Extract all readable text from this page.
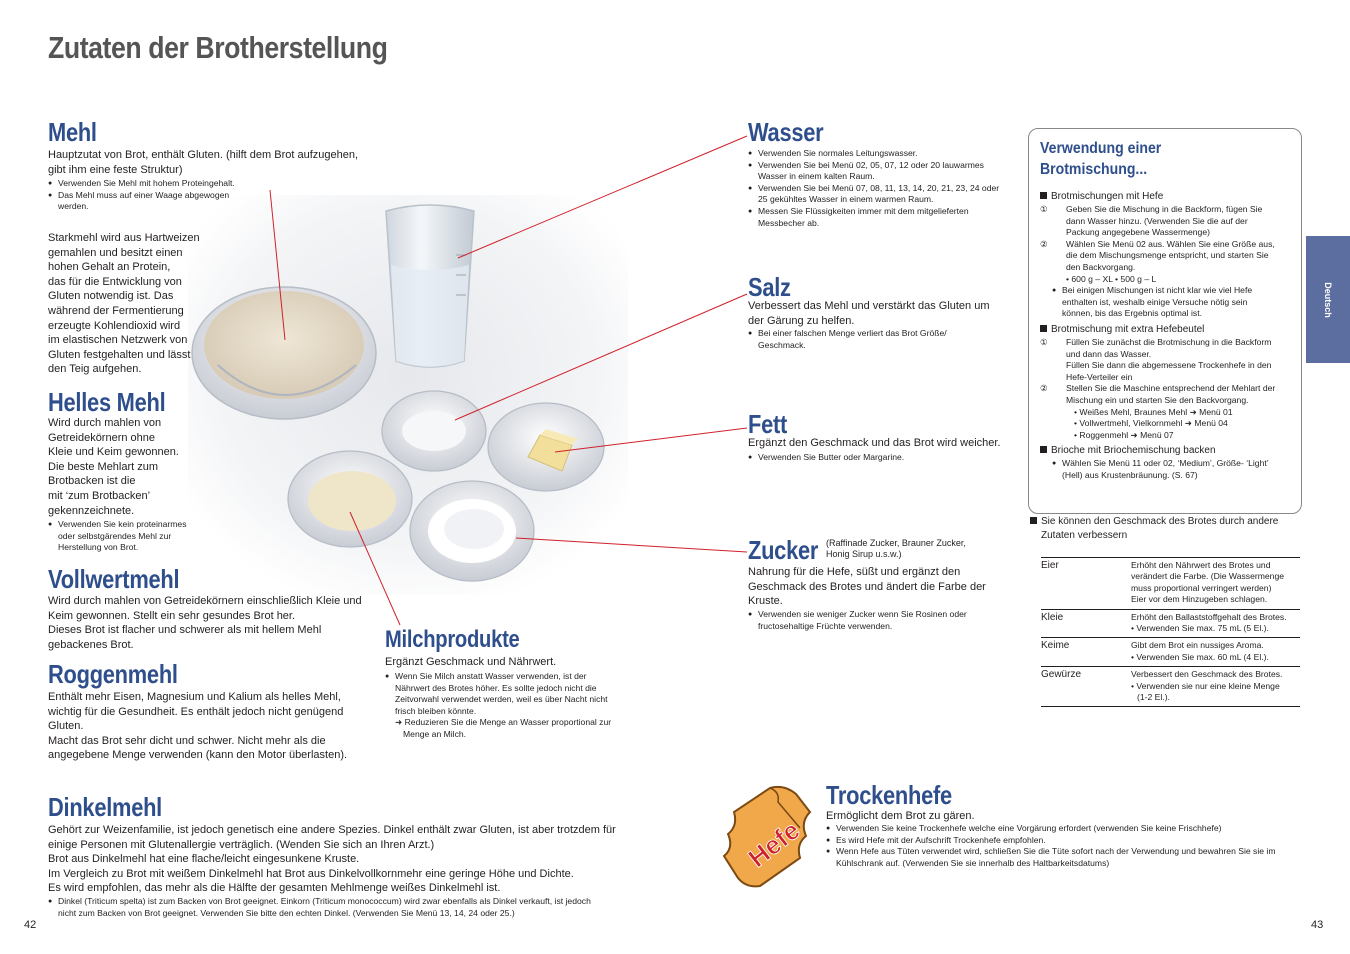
Zutaten der Brotherstellung
Mehl
Hauptzutat von Brot, enthält Gluten. (hilft dem Brot aufzugehen,
gibt ihm eine feste Struktur)
● Verwenden Sie Mehl mit hohem Proteingehalt.
● Das Mehl muss auf einer Waage abgewogen
werden.
Starkmehl wird aus Hartweizen
gemahlen und besitzt einen
hohen Gehalt an Protein,
das für die Entwicklung von
Gluten notwendig ist. Das
während der Fermentierung
erzeugte Kohlendioxid wird
im elastischen Netzwerk von
Gluten festgehalten und lässt
den Teig aufgehen.
Helles Mehl
Wird durch mahlen von
Getreidekörnern ohne
Kleie und Keim gewonnen.
Die beste Mehlart zum
Brotbacken ist die
mit ‘zum Brotbacken’
gekennzeichnete.
● Verwenden Sie kein proteinarmes
oder selbstgärendes Mehl zur
Herstellung von Brot.
Vollwertmehl
Wird durch mahlen von Getreidekörnern einschließlich Kleie und
Keim gewonnen. Stellt ein sehr gesundes Brot her.
Dieses Brot ist flacher und schwerer als mit hellem Mehl
gebackenes Brot.
Roggenmehl
Enthält mehr Eisen, Magnesium und Kalium als helles Mehl,
wichtig für die Gesundheit. Es enthält jedoch nicht genügend
Gluten.
Macht das Brot sehr dicht und schwer. Nicht mehr als die
angegebene Menge verwenden (kann den Motor überlasten).
Dinkelmehl
Gehört zur Weizenfamilie, ist jedoch genetisch eine andere Spezies. Dinkel enthält zwar Gluten, ist aber trotzdem für
einige Personen mit Glutenallergie verträglich. (Wenden Sie sich an Ihren Arzt.)
Brot aus Dinkelmehl hat eine flache/leicht eingesunkene Kruste.
Im Vergleich zu Brot mit weißem Dinkelmehl hat Brot aus Dinkelvollkornmehr eine geringe Höhe und Dichte.
Es wird empfohlen, das mehr als die Hälfte der gesamten Mehlmenge weißes Dinkelmehl ist.
● Dinkel (Triticum spelta) ist zum Backen von Brot geeignet. Einkorn (Triticum monococcum) wird zwar ebenfalls als Dinkel verkauft, ist jedoch
nicht zum Backen von Brot geeignet. Verwenden Sie bitte den echten Dinkel. (Verwenden Sie Menü 13, 14, 24 oder 25.)
Milchprodukte
Ergänzt Geschmack und Nährwert.
● Wenn Sie Milch anstatt Wasser verwenden, ist der
Nährwert des Brotes höher. Es sollte jedoch nicht die
Zeitvorwahl verwendet werden, weil es über Nacht nicht
frisch bleiben könnte.
➜ Reduzieren Sie die Menge an Wasser proportional zur
Menge an Milch.
Wasser
● Verwenden Sie normales Leitungswasser.
● Verwenden Sie bei Menü 02, 05, 07, 12 oder 20 lauwarmes
Wasser in einem kalten Raum.
● Verwenden Sie bei Menü 07, 08, 11, 13, 14, 20, 21, 23, 24 oder
25 gekühltes Wasser in einem warmen Raum.
● Messen Sie Flüssigkeiten immer mit dem mitgelieferten
Messbecher ab.
Salz
Verbessert das Mehl und verstärkt das Gluten um
der Gärung zu helfen.
● Bei einer falschen Menge verliert das Brot Größe/
Geschmack.
Fett
Ergänzt den Geschmack und das Brot wird weicher.
● Verwenden Sie Butter oder Margarine.
Zucker (Raffinade Zucker, Brauner Zucker,
Honig Sirup u.s.w.)
Nahrung für die Hefe, süßt und ergänzt den
Geschmack des Brotes und ändert die Farbe der
Kruste.
● Verwenden sie weniger Zucker wenn Sie Rosinen oder
fructosehaltige Früchte verwenden.
Hefe
Trockenhefe
Ermöglicht dem Brot zu gären.
● Verwenden Sie keine Trockenhefe welche eine Vorgärung erfordert (verwenden Sie keine Frischhefe)
● Es wird Hefe mit der Aufschrift Trockenhefe empfohlen.
● Wenn Hefe aus Tüten verwendet wird, schließen Sie die Tüte sofort nach der Verwendung und bewahren Sie sie im
Kühlschrank auf. (Verwenden Sie sie innerhalb des Haltbarkeitsdatums)
Verwendung einer
Brotmischung...
Brotmischungen mit Hefe
①	Geben Sie die Mischung in die Backform, fügen Sie
dann Wasser hinzu. (Verwenden Sie die auf der
Packung angegebene Wassermenge)
②	Wählen Sie Menü 02 aus. Wählen Sie eine Größe aus,
die dem Mischungsmenge entspricht, und starten Sie
den Backvorgang.
• 600 g – XL • 500 g – L
● Bei einigen Mischungen ist nicht klar wie viel Hefe
enthalten ist, weshalb einige Versuche nötig sein
können, bis das Ergebnis optimal ist.
Brotmischung mit extra Hefebeutel
①	Füllen Sie zunächst die Brotmischung in die Backform
und dann das Wasser.
Füllen Sie dann die abgemessene Trockenhefe in den
Hefe-Verteiler ein
②	Stellen Sie die Maschine entsprechend der Mehlart der
Mischung ein und starten Sie den Backvorgang.
• Weißes Mehl, Braunes Mehl ➜ Menü 01
• Vollwertmehl, Vielkornmehl ➜ Menü 04
• Roggenmehl ➜ Menü 07
Brioche mit Briochemischung backen
● Wählen Sie Menü 11 oder 02, ‘Medium’, Größe- ‘Light’
(Hell) aus Krustenbräunung. (S. 67)
Sie können den Geschmack des Brotes durch andere
Zutaten verbessern
Eier	Erhöht den Nährwert des Brotes und
verändert die Farbe. (Die Wassermenge
muss proportional verringert werden)
Eier vor dem Hinzugeben schlagen.

Kleie	Erhöht den Ballaststoffgehalt des Brotes.
• Verwenden Sie max. 75 mL (5 El.).

Keime	Gibt dem Brot ein nussiges Aroma.
• Verwenden Sie max. 60 mL (4 El.).

Gewürze	Verbessert den Geschmack des Brotes.
• Verwenden sie nur eine kleine Menge
(1-2 El.).
Deutsch
42	43
